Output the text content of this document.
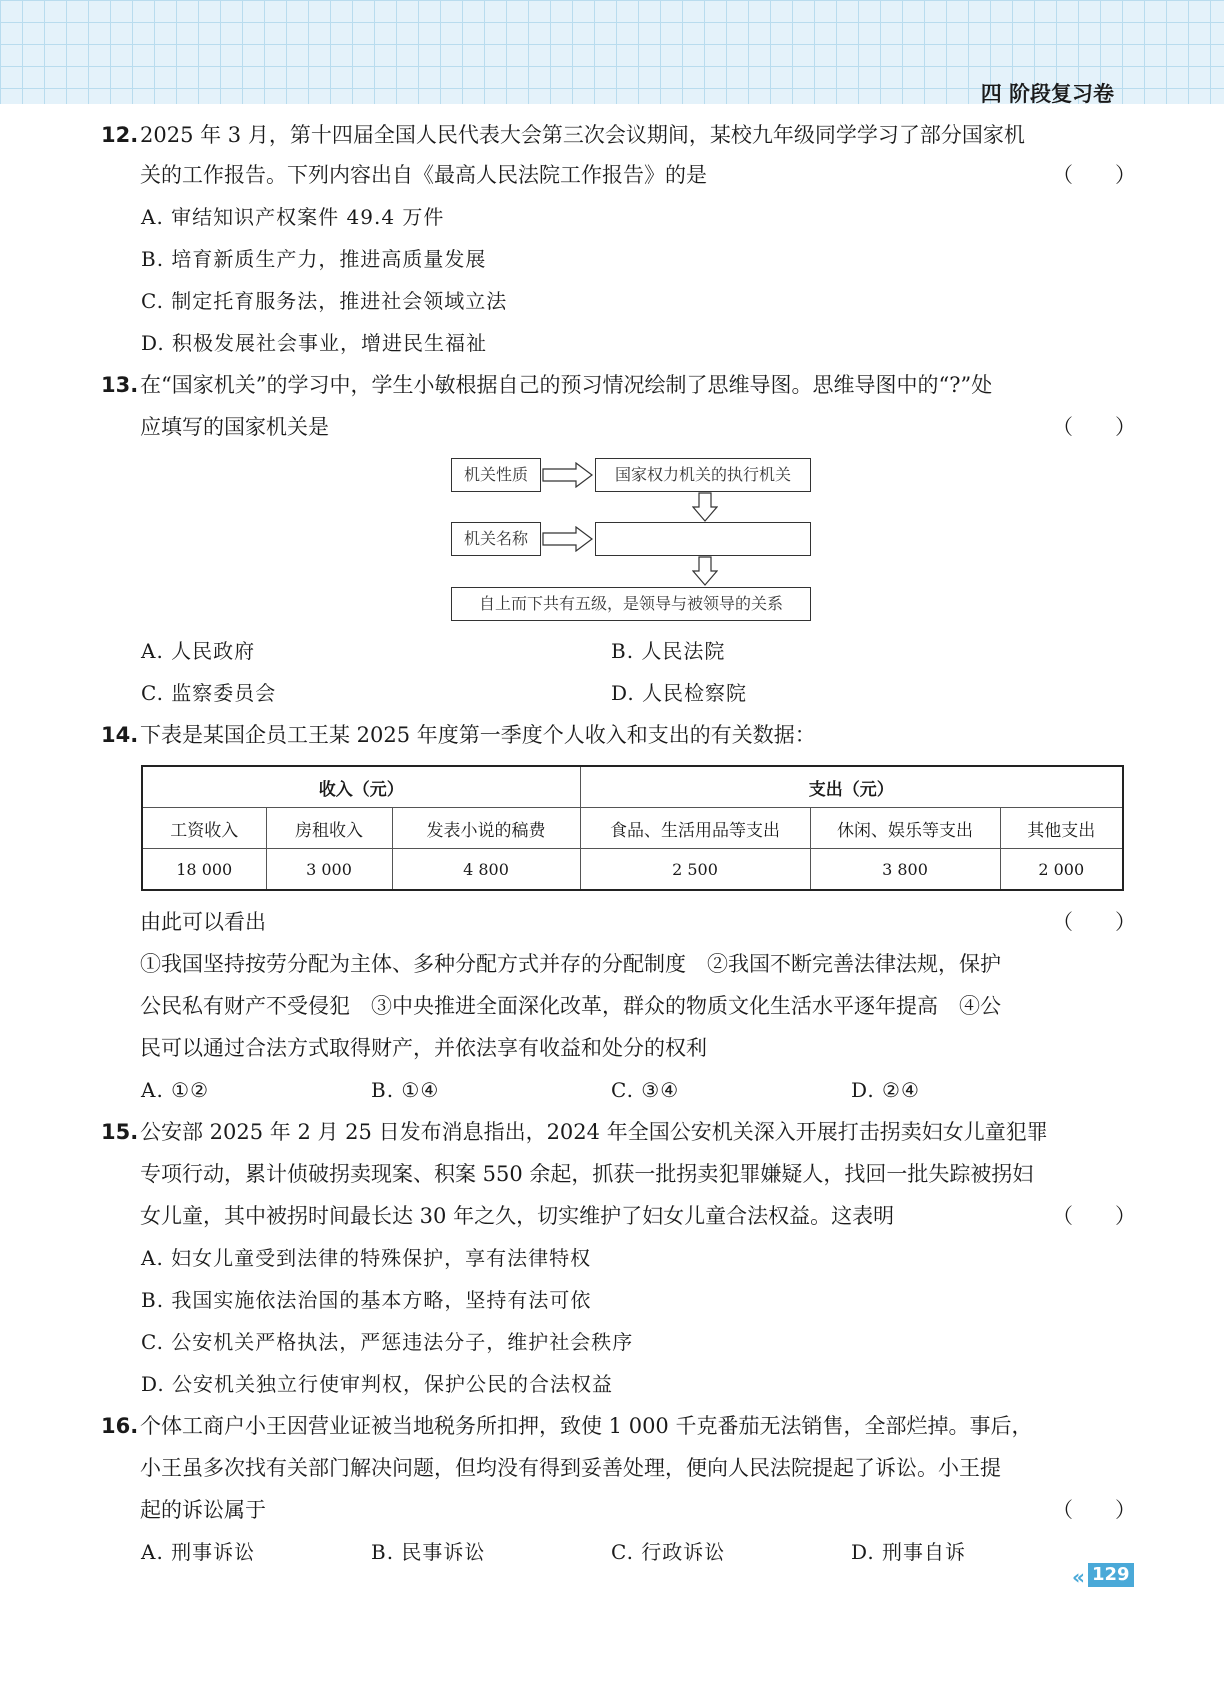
四 阶段复习卷
12. 2025 年 3 月，第十四届全国人民代表大会第三次会议期间，某校九年级同学学习了部分国家机
关的工作报告。下列内容出自《最高人民法院工作报告》的是	（　　）
A. 审结知识产权案件 49.4 万件
B. 培育新质生产力，推进高质量发展
C. 制定托育服务法，推进社会领域立法
D. 积极发展社会事业，增进民生福祉
13. 在“国家机关”的学习中，学生小敏根据自己的预习情况绘制了思维导图。思维导图中的“?”处
应填写的国家机关是	（　　）
机关性质	国家权力机关的执行机关
机关名称
自上而下共有五级，是领导与被领导的关系
A. 人民政府	B. 人民法院
C. 监察委员会	D. 人民检察院
14. 下表是某国企员工王某 2025 年度第一季度个人收入和支出的有关数据：
收入（元）			支出（元）		
工资收入	房租收入	发表小说的稿费	食品、生活用品等支出	休闲、娱乐等支出	其他支出
18 000	3 000	4 800	2 500	3 800	2 000
由此可以看出	（　　）
①我国坚持按劳分配为主体、多种分配方式并存的分配制度　②我国不断完善法律法规，保护
公民私有财产不受侵犯　③中央推进全面深化改革，群众的物质文化生活水平逐年提高　④公
民可以通过合法方式取得财产，并依法享有收益和处分的权利
A. ①②	B. ①④	C. ③④	D. ②④
15. 公安部 2025 年 2 月 25 日发布消息指出，2024 年全国公安机关深入开展打击拐卖妇女儿童犯罪
专项行动，累计侦破拐卖现案、积案 550 余起，抓获一批拐卖犯罪嫌疑人，找回一批失踪被拐妇
女儿童，其中被拐时间最长达 30 年之久，切实维护了妇女儿童合法权益。这表明	（　　）
A. 妇女儿童受到法律的特殊保护，享有法律特权
B. 我国实施依法治国的基本方略，坚持有法可依
C. 公安机关严格执法，严惩违法分子，维护社会秩序
D. 公安机关独立行使审判权，保护公民的合法权益
16. 个体工商户小王因营业证被当地税务所扣押，致使 1 000 千克番茄无法销售，全部烂掉。事后，
小王虽多次找有关部门解决问题，但均没有得到妥善处理，便向人民法院提起了诉讼。小王提
起的诉讼属于	（　　）
A. 刑事诉讼	B. 民事诉讼	C. 行政诉讼	D. 刑事自诉
« 129
